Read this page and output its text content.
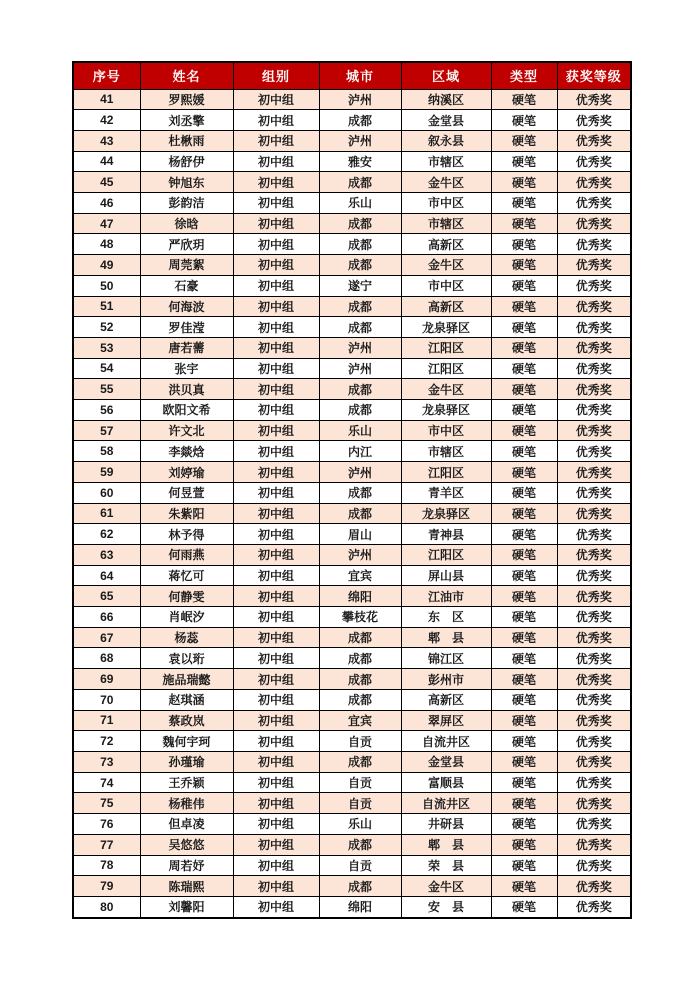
序号	姓名	组别	城市	区域	类型	获奖等级
41	罗熙媛	初中组	泸州	纳溪区	硬笔	优秀奖
42	刘丞擎	初中组	成都	金堂县	硬笔	优秀奖
43	杜楸雨	初中组	泸州	叙永县	硬笔	优秀奖
44	杨舒伊	初中组	雅安	市辖区	硬笔	优秀奖
45	钟旭东	初中组	成都	金牛区	硬笔	优秀奖
46	彭韵洁	初中组	乐山	市中区	硬笔	优秀奖
47	徐晗	初中组	成都	市辖区	硬笔	优秀奖
48	严欣玥	初中组	成都	高新区	硬笔	优秀奖
49	周莞絮	初中组	成都	金牛区	硬笔	优秀奖
50	石豪	初中组	遂宁	市中区	硬笔	优秀奖
51	何海波	初中组	成都	高新区	硬笔	优秀奖
52	罗佳滢	初中组	成都	龙泉驿区	硬笔	优秀奖
53	唐若薷	初中组	泸州	江阳区	硬笔	优秀奖
54	张宇	初中组	泸州	江阳区	硬笔	优秀奖
55	洪贝真	初中组	成都	金牛区	硬笔	优秀奖
56	欧阳文希	初中组	成都	龙泉驿区	硬笔	优秀奖
57	许文北	初中组	乐山	市中区	硬笔	优秀奖
58	李燚焓	初中组	内江	市辖区	硬笔	优秀奖
59	刘婷瑜	初中组	泸州	江阳区	硬笔	优秀奖
60	何昱萱	初中组	成都	青羊区	硬笔	优秀奖
61	朱紫阳	初中组	成都	龙泉驿区	硬笔	优秀奖
62	林予得	初中组	眉山	青神县	硬笔	优秀奖
63	何雨燕	初中组	泸州	江阳区	硬笔	优秀奖
64	蒋忆可	初中组	宜宾	屏山县	硬笔	优秀奖
65	何静雯	初中组	绵阳	江油市	硬笔	优秀奖
66	肖岷汐	初中组	攀枝花	东　区	硬笔	优秀奖
67	杨蕊	初中组	成都	郫　县	硬笔	优秀奖
68	袁以珩	初中组	成都	锦江区	硬笔	优秀奖
69	施品瑞懿	初中组	成都	彭州市	硬笔	优秀奖
70	赵琪涵	初中组	成都	高新区	硬笔	优秀奖
71	蔡政岚	初中组	宜宾	翠屏区	硬笔	优秀奖
72	魏何宇珂	初中组	自贡	自流井区	硬笔	优秀奖
73	孙瑾瑜	初中组	成都	金堂县	硬笔	优秀奖
74	王乔颖	初中组	自贡	富顺县	硬笔	优秀奖
75	杨稚伟	初中组	自贡	自流井区	硬笔	优秀奖
76	但卓凌	初中组	乐山	井研县	硬笔	优秀奖
77	吴悠悠	初中组	成都	郫　县	硬笔	优秀奖
78	周若妤	初中组	自贡	荣　县	硬笔	优秀奖
79	陈瑞熙	初中组	成都	金牛区	硬笔	优秀奖
80	刘馨阳	初中组	绵阳	安　县	硬笔	优秀奖
